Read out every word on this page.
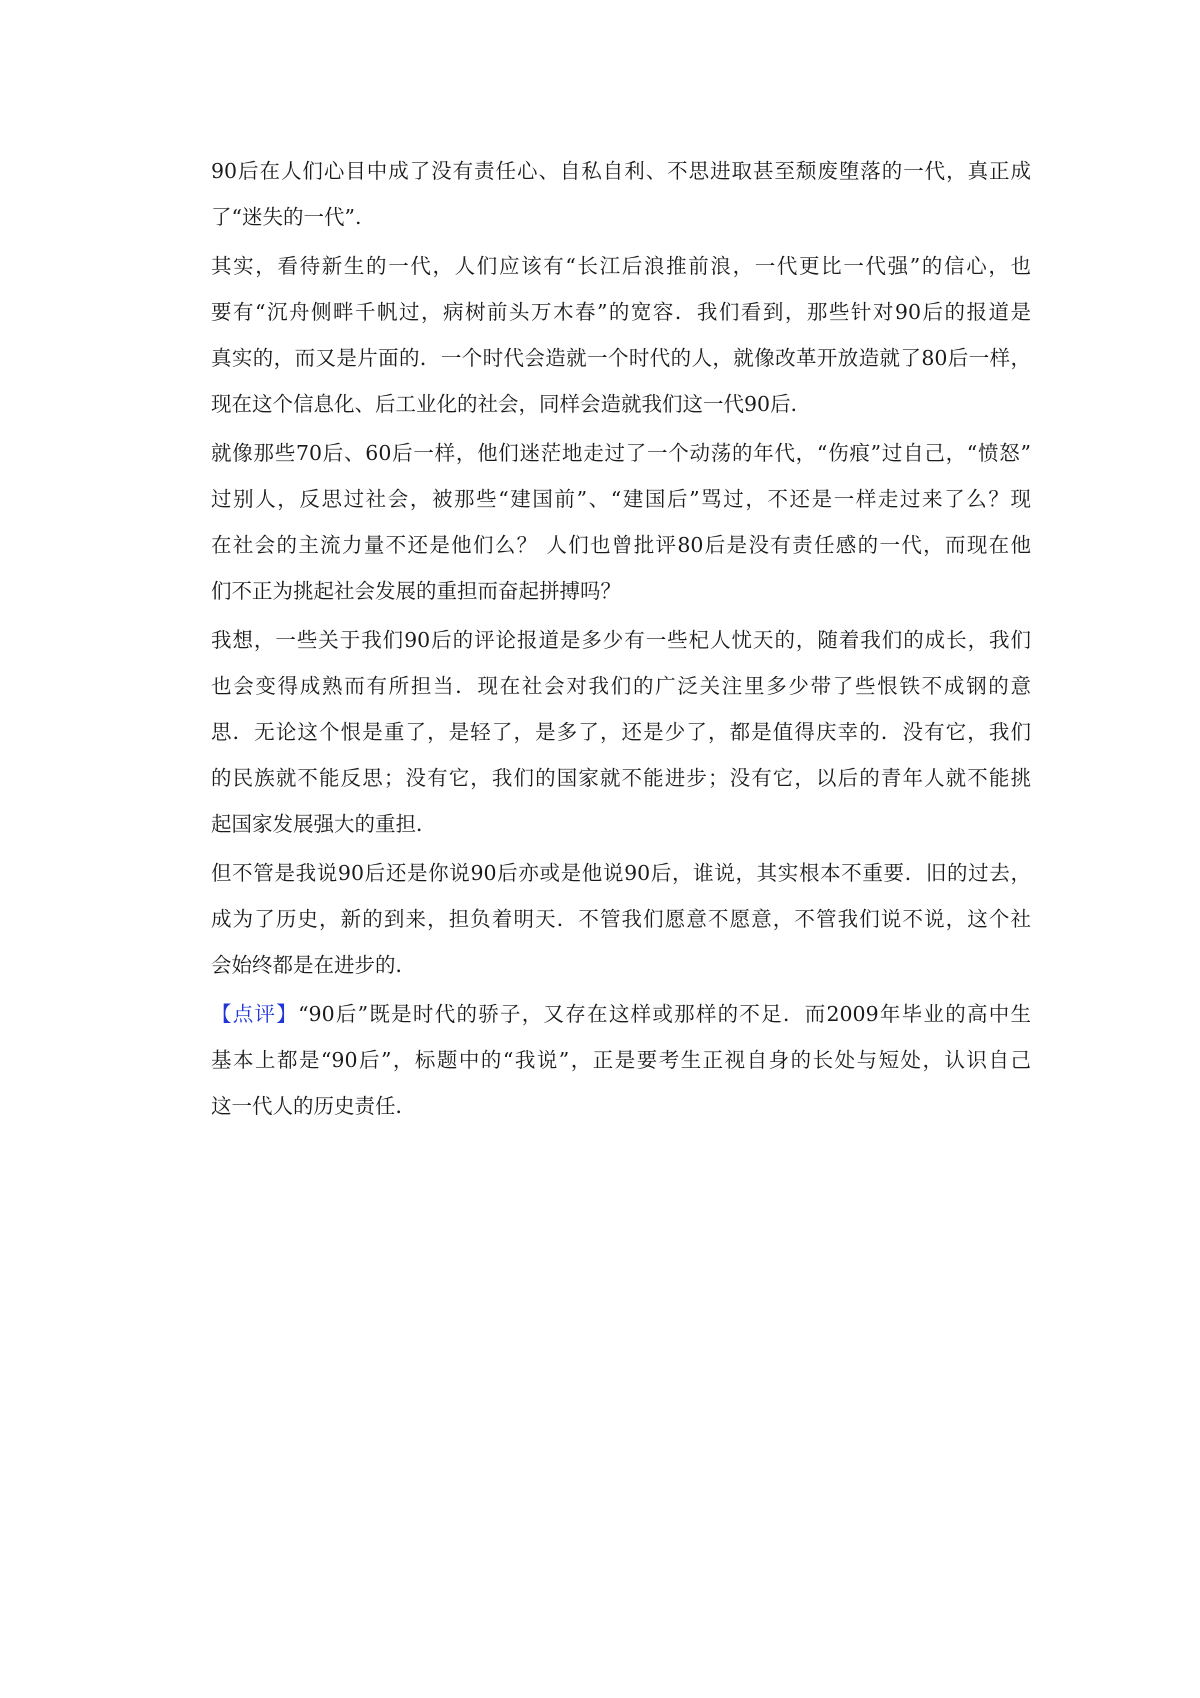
90后在人们心目中成了没有责任心、自私自利、不思进取甚至颓废堕落的一代，真正成
了“迷失的一代”.
其实，看待新生的一代，人们应该有“长江后浪推前浪，一代更比一代强”的信心，也
要有“沉舟侧畔千帆过，病树前头万木春”的宽容．我们看到，那些针对90后的报道是
真实的，而又是片面的．一个时代会造就一个时代的人，就像改革开放造就了80后一样，
现在这个信息化、后工业化的社会，同样会造就我们这一代90后．
就像那些70后、60后一样，他们迷茫地走过了一个动荡的年代，“伤痕”过自己，“愤怒”
过别人，反思过社会，被那些“建国前”、“建国后”骂过，不还是一样走过来了么？现
在社会的主流力量不还是他们么？ 人们也曾批评80后是没有责任感的一代，而现在他
们不正为挑起社会发展的重担而奋起拼搏吗？
我想，一些关于我们90后的评论报道是多少有一些杞人忧天的，随着我们的成长，我们
也会变得成熟而有所担当．现在社会对我们的广泛关注里多少带了些恨铁不成钢的意
思．无论这个恨是重了，是轻了，是多了，还是少了，都是值得庆幸的．没有它，我们
的民族就不能反思；没有它，我们的国家就不能进步；没有它，以后的青年人就不能挑
起国家发展强大的重担．
但不管是我说90后还是你说90后亦或是他说90后，谁说，其实根本不重要．旧的过去，
成为了历史，新的到来，担负着明天．不管我们愿意不愿意，不管我们说不说，这个社
会始终都是在进步的．
【点评】“90后”既是时代的骄子，又存在这样或那样的不足．而2009年毕业的高中生
基本上都是“90后”，标题中的“我说”，正是要考生正视自身的长处与短处，认识自己
这一代人的历史责任．
